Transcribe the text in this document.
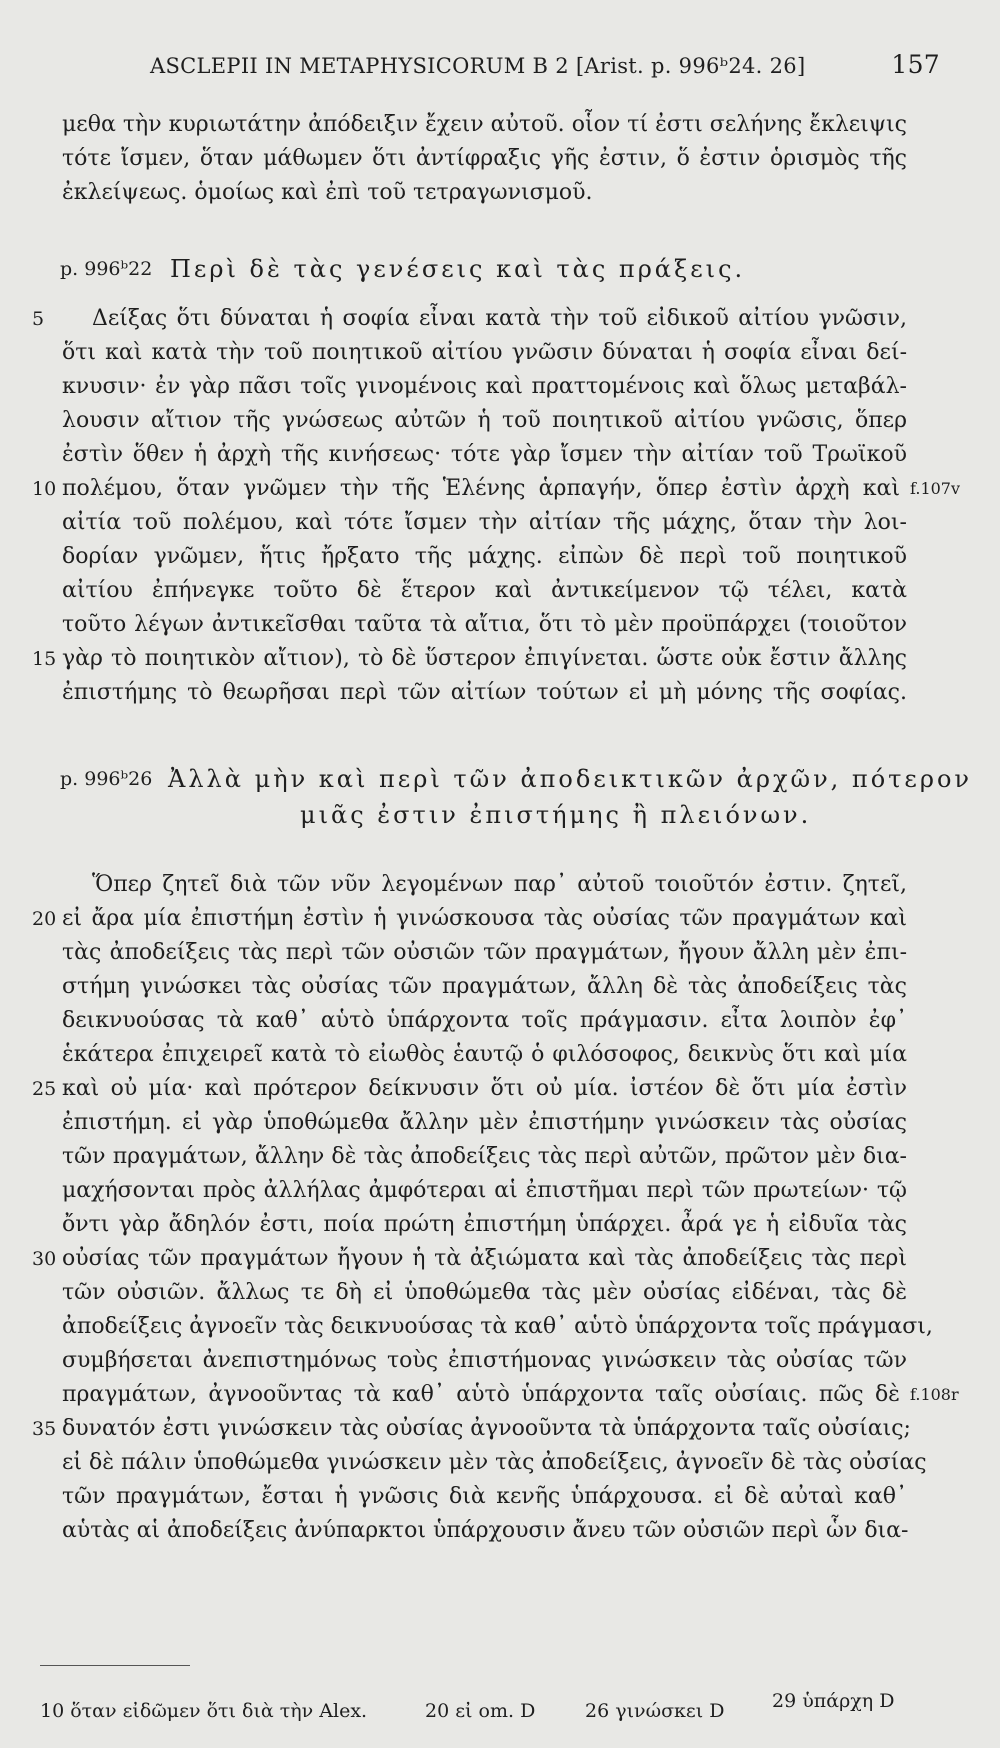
ASCLEPII IN METAPHYSICORUM B 2 [Arist. p. 996ᵇ24. 26]	157
μεθα τὴν κυριωτάτην ἀπόδειξιν ἔχειν αὐτοῦ. οἷον τί ἐστι σελήνης ἔκλειψις
τότε ἴσμεν, ὅταν μάθωμεν ὅτι ἀντίφραξις γῆς ἐστιν, ὅ ἐστιν ὁρισμὸς τῆς
ἐκλείψεως. ὁμοίως καὶ ἐπὶ τοῦ τετραγωνισμοῦ.
p. 996ᵇ22 Περὶ δὲ τὰς γενέσεις καὶ τὰς πράξεις.
5 Δείξας ὅτι δύναται ἡ σοφία εἶναι κατὰ τὴν τοῦ εἰδικοῦ αἰτίου γνῶσιν,
ὅτι καὶ κατὰ τὴν τοῦ ποιητικοῦ αἰτίου γνῶσιν δύναται ἡ σοφία εἶναι δεί-
κνυσιν· ἐν γὰρ πᾶσι τοῖς γινομένοις καὶ πραττομένοις καὶ ὅλως μεταβάλ-
λουσιν αἴτιον τῆς γνώσεως αὐτῶν ἡ τοῦ ποιητικοῦ αἰτίου γνῶσις, ὅπερ
ἐστὶν ὅθεν ἡ ἀρχὴ τῆς κινήσεως· τότε γὰρ ἴσμεν τὴν αἰτίαν τοῦ Τρωϊκοῦ
10 πολέμου, ὅταν γνῶμεν τὴν τῆς Ἑλένης ἁρπαγήν, ὅπερ ἐστὶν ἀρχὴ καὶ f.107v
αἰτία τοῦ πολέμου, καὶ τότε ἴσμεν τὴν αἰτίαν τῆς μάχης, ὅταν τὴν λοι-
δορίαν γνῶμεν, ἥτις ἤρξατο τῆς μάχης. εἰπὼν δὲ περὶ τοῦ ποιητικοῦ
αἰτίου ἐπήνεγκε τοῦτο δὲ ἕτερον καὶ ἀντικείμενον τῷ τέλει, κατὰ
τοῦτο λέγων ἀντικεῖσθαι ταῦτα τὰ αἴτια, ὅτι τὸ μὲν προϋπάρχει (τοιοῦτον
15 γὰρ τὸ ποιητικὸν αἴτιον), τὸ δὲ ὕστερον ἐπιγίνεται. ὥστε οὐκ ἔστιν ἄλλης
ἐπιστήμης τὸ θεωρῆσαι περὶ τῶν αἰτίων τούτων εἰ μὴ μόνης τῆς σοφίας.
p. 996ᵇ26 Ἀλλὰ μὴν καὶ περὶ τῶν ἀποδεικτικῶν ἀρχῶν, πότερον
μιᾶς ἐστιν ἐπιστήμης ἢ πλειόνων.
Ὅπερ ζητεῖ διὰ τῶν νῦν λεγομένων παρ᾽ αὐτοῦ τοιοῦτόν ἐστιν. ζητεῖ,
20 εἰ ἄρα μία ἐπιστήμη ἐστὶν ἡ γινώσκουσα τὰς οὐσίας τῶν πραγμάτων καὶ
τὰς ἀποδείξεις τὰς περὶ τῶν οὐσιῶν τῶν πραγμάτων, ἤγουν ἄλλη μὲν ἐπι-
στήμη γινώσκει τὰς οὐσίας τῶν πραγμάτων, ἄλλη δὲ τὰς ἀποδείξεις τὰς
δεικνυούσας τὰ καθ᾽ αὑτὸ ὑπάρχοντα τοῖς πράγμασιν. εἶτα λοιπὸν ἐφ᾽
ἑκάτερα ἐπιχειρεῖ κατὰ τὸ εἰωθὸς ἑαυτῷ ὁ φιλόσοφος, δεικνὺς ὅτι καὶ μία
25 καὶ οὐ μία· καὶ πρότερον δείκνυσιν ὅτι οὐ μία. ἰστέον δὲ ὅτι μία ἐστὶν
ἐπιστήμη. εἰ γὰρ ὑποθώμεθα ἄλλην μὲν ἐπιστήμην γινώσκειν τὰς οὐσίας
τῶν πραγμάτων, ἄλλην δὲ τὰς ἀποδείξεις τὰς περὶ αὐτῶν, πρῶτον μὲν δια-
μαχήσονται πρὸς ἀλλήλας ἀμφότεραι αἱ ἐπιστῆμαι περὶ τῶν πρωτείων· τῷ
ὄντι γὰρ ἄδηλόν ἐστι, ποία πρώτη ἐπιστήμη ὑπάρχει. ἆρά γε ἡ εἰδυῖα τὰς
30 οὐσίας τῶν πραγμάτων ἤγουν ἡ τὰ ἀξιώματα καὶ τὰς ἀποδείξεις τὰς περὶ
τῶν οὐσιῶν. ἄλλως τε δὴ εἰ ὑποθώμεθα τὰς μὲν οὐσίας εἰδέναι, τὰς δὲ
ἀποδείξεις ἀγνοεῖν τὰς δεικνυούσας τὰ καθ᾽ αὑτὸ ὑπάρχοντα τοῖς πράγμασι,
συμβήσεται ἀνεπιστημόνως τοὺς ἐπιστήμονας γινώσκειν τὰς οὐσίας τῶν
πραγμάτων, ἀγνοοῦντας τὰ καθ᾽ αὑτὸ ὑπάρχοντα ταῖς οὐσίαις. πῶς δὲ f.108r
35 δυνατόν ἐστι γινώσκειν τὰς οὐσίας ἀγνοοῦντα τὰ ὑπάρχοντα ταῖς οὐσίαις;
εἰ δὲ πάλιν ὑποθώμεθα γινώσκειν μὲν τὰς ἀποδείξεις, ἀγνοεῖν δὲ τὰς οὐσίας
τῶν πραγμάτων, ἔσται ἡ γνῶσις διὰ κενῆς ὑπάρχουσα. εἰ δὲ αὐταὶ καθ᾽
αὑτὰς αἱ ἀποδείξεις ἀνύπαρκτοι ὑπάρχουσιν ἄνευ τῶν οὐσιῶν περὶ ὧν δια-
10 ὅταν εἰδῶμεν ὅτι διὰ τὴν Alex.	20 εἰ om. D	26 γινώσκει D	29 ὑπάρχη D
